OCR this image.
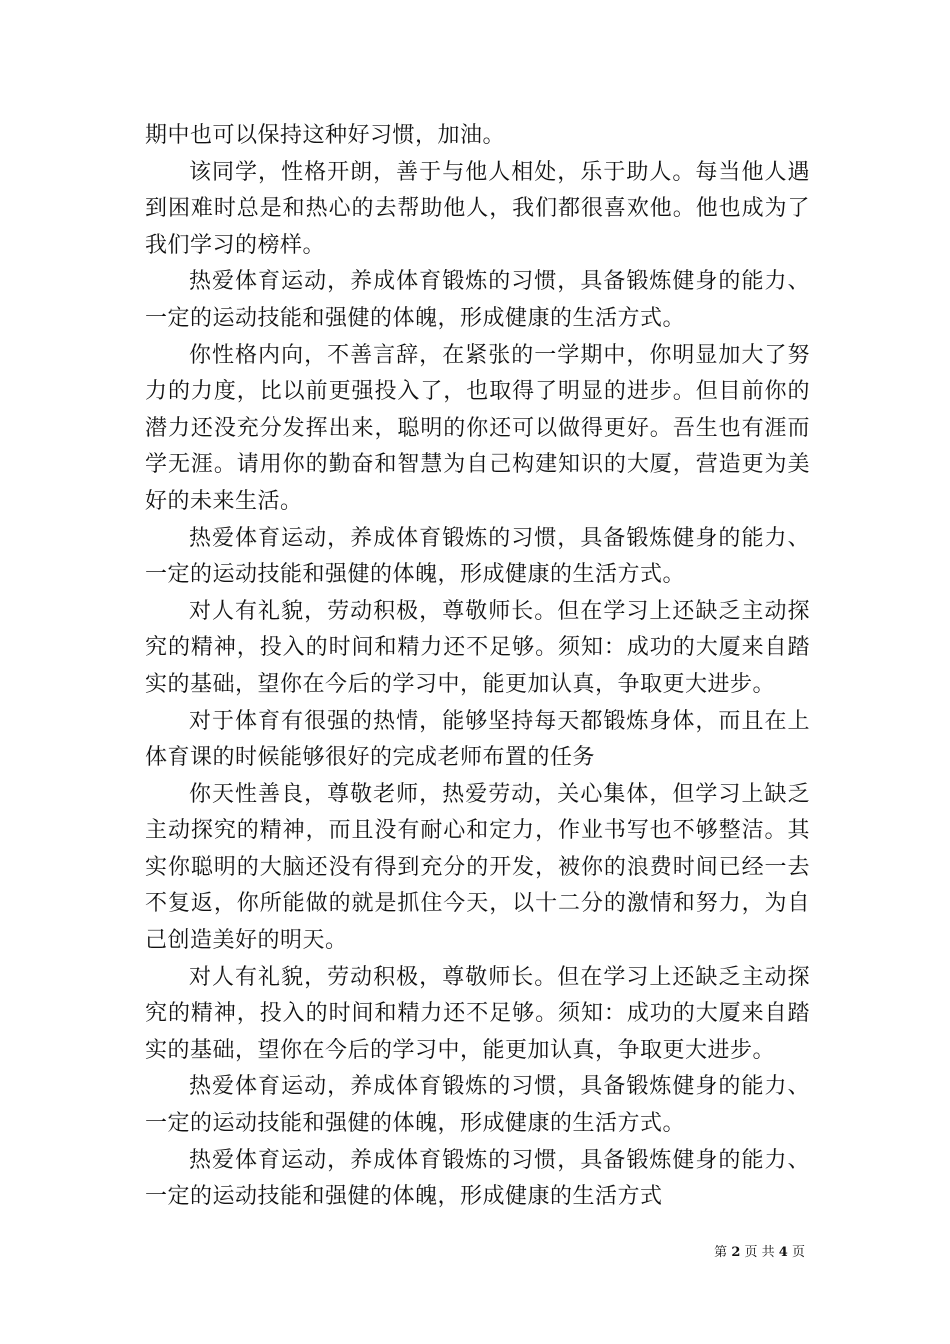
期中也可以保持这种好习惯，加油。

该同学，性格开朗，善于与他人相处，乐于助人。每当他人遇到困难时总是和热心的去帮助他人，我们都很喜欢他。他也成为了我们学习的榜样。

热爱体育运动，养成体育锻炼的习惯，具备锻炼健身的能力、一定的运动技能和强健的体魄，形成健康的生活方式。

你性格内向，不善言辞，在紧张的一学期中，你明显加大了努力的力度，比以前更强投入了，也取得了明显的进步。但目前你的潜力还没充分发挥出来，聪明的你还可以做得更好。吾生也有涯而学无涯。请用你的勤奋和智慧为自己构建知识的大厦，营造更为美好的未来生活。

热爱体育运动，养成体育锻炼的习惯，具备锻炼健身的能力、一定的运动技能和强健的体魄，形成健康的生活方式。

对人有礼貌，劳动积极，尊敬师长。但在学习上还缺乏主动探究的精神，投入的时间和精力还不足够。须知：成功的大厦来自踏实的基础，望你在今后的学习中，能更加认真，争取更大进步。

对于体育有很强的热情，能够坚持每天都锻炼身体，而且在上体育课的时候能够很好的完成老师布置的任务

你天性善良，尊敬老师，热爱劳动，关心集体，但学习上缺乏主动探究的精神，而且没有耐心和定力，作业书写也不够整洁。其实你聪明的大脑还没有得到充分的开发，被你的浪费时间已经一去不复返，你所能做的就是抓住今天，以十二分的激情和努力，为自己创造美好的明天。

对人有礼貌，劳动积极，尊敬师长。但在学习上还缺乏主动探究的精神，投入的时间和精力还不足够。须知：成功的大厦来自踏实的基础，望你在今后的学习中，能更加认真，争取更大进步。

热爱体育运动，养成体育锻炼的习惯，具备锻炼健身的能力、一定的运动技能和强健的体魄，形成健康的生活方式。

热爱体育运动，养成体育锻炼的习惯，具备锻炼健身的能力、一定的运动技能和强健的体魄，形成健康的生活方式

第 2 页 共 4 页
